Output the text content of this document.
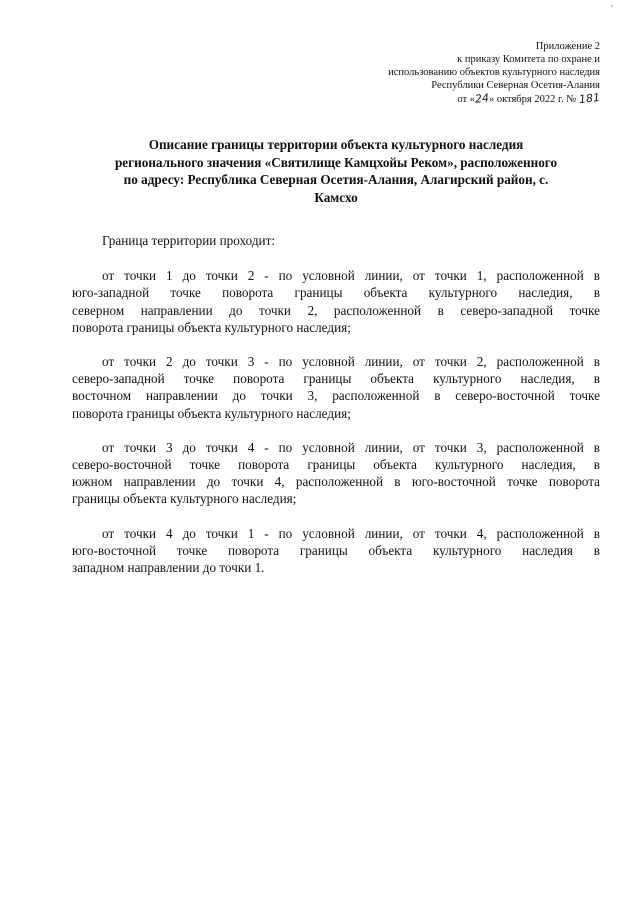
'
Приложение 2
к приказу Комитета по охране и
использованию объектов культурного наследия
Республики Северная Осетия-Алания
от «24» октября 2022 г. № 181
Описание границы территории объекта культурного наследия
регионального значения «Святилище Камцхойы Реком», расположенного
по адресу: Республика Северная Осетия-Алания, Алагирский район, с.
Камсхо

Граница территории проходит:

от точки 1 до точки 2 - по условной линии, от точки 1, расположенной в
юго-западной точке поворота границы объекта культурного наследия, в
северном направлении до точки 2, расположенной в северо-западной точке
поворота границы объекта культурного наследия;
от точки 2 до точки 3 - по условной линии, от точки 2, расположенной в
северо-западной точке поворота границы объекта культурного наследия, в
восточном направлении до точки 3, расположенной в северо-восточной точке
поворота границы объекта культурного наследия;
от точки 3 до точки 4 - по условной линии, от точки 3, расположенной в
северо-восточной точке поворота границы объекта культурного наследия, в
южном направлении до точки 4, расположенной в юго-восточной точке поворота
границы объекта культурного наследия;
от точки 4 до точки 1 - по условной линии, от точки 4, расположенной в
юго-восточной точке поворота границы объекта культурного наследия в
западном направлении до точки 1.
